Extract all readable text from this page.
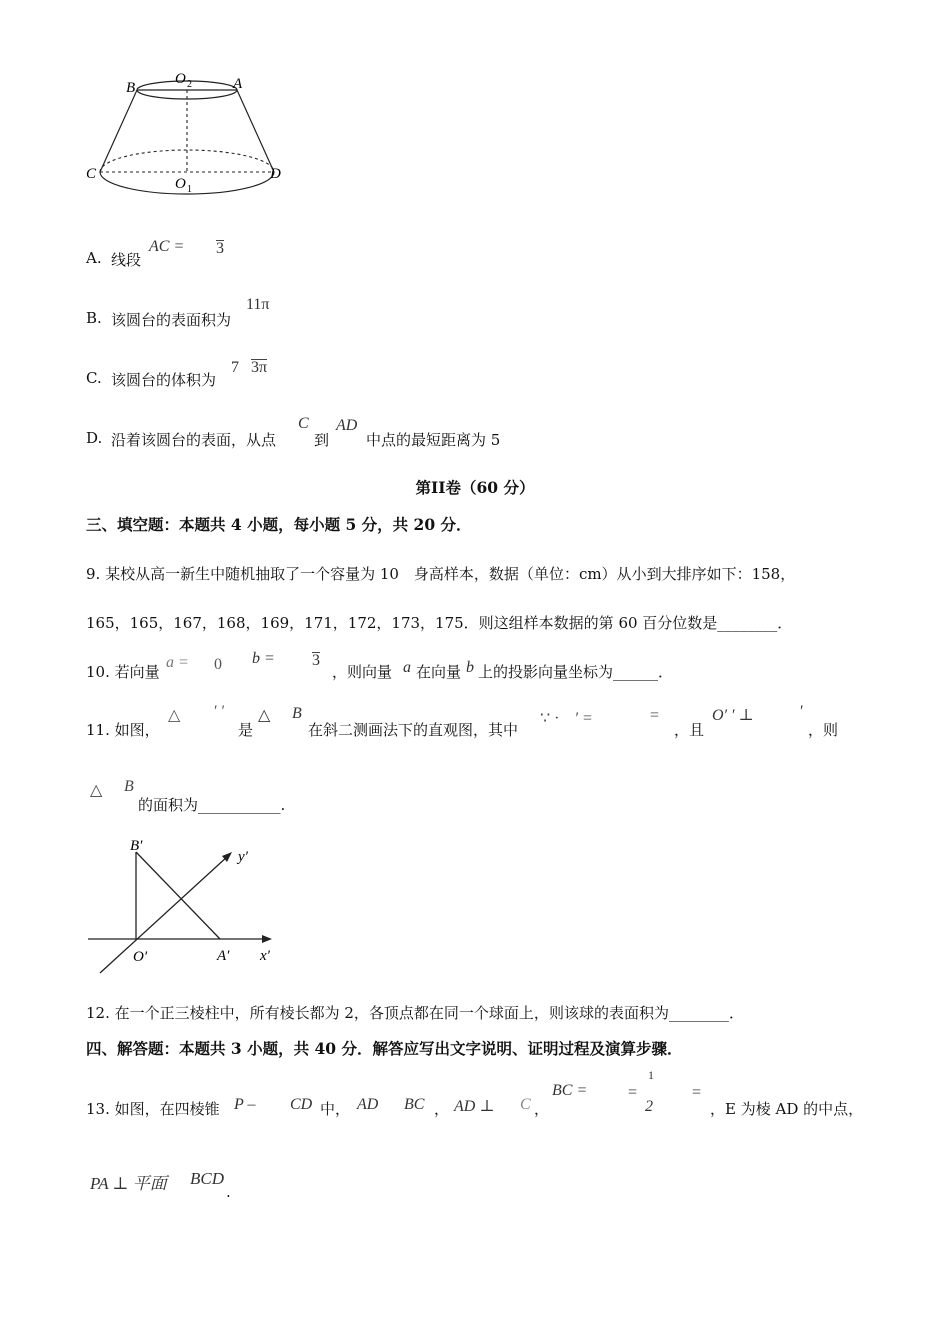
B
O 2	A
C
O 1
D
A. 线段
AC = 3
B. 该圆台的表面积为
11π
C. 该圆台的体积为
7 3π
D. 沿着该圆台的表面，从点
C
到
AD
中点的最短距离为 5
第II卷（60 分）
三、填空题：本题共 4 小题，每小题 5 分，共 20 分．
9. 某校从高一新生中随机抽取了一个容量为 10　身高样本，数据（单位：cm）从小到大排序如下：158，
165，165，167，168，169，171，172，173，175．则这组样本数据的第 60 百分位数是________．
10. 若向量
a = 0 b = 3
，则向量 a 在向量 b 上的投影向量坐标为______．
11. 如图，
△ ′ ′
是
△ B
在斜二测画法下的直观图，其中
∵ ·　′ =	=
，且
O′ ′ ⊥	′
，则
△ B
的面积为___________.
B′
y′
O′	A′ x′
12. 在一个正三棱柱中，所有棱长都为 2，各顶点都在同一个球面上，则该球的表面积为________．
四、解答题：本题共 3 小题，共 40 分．解答应写出文字说明、证明过程及演算步骤．
13. 如图，在四棱锥 P – CD 中， AD BC ， AD ⊥ C ，
BC =	=
1
2
=
，E 为棱 AD 的中点，
PA ⊥ 平面 BCD
.
